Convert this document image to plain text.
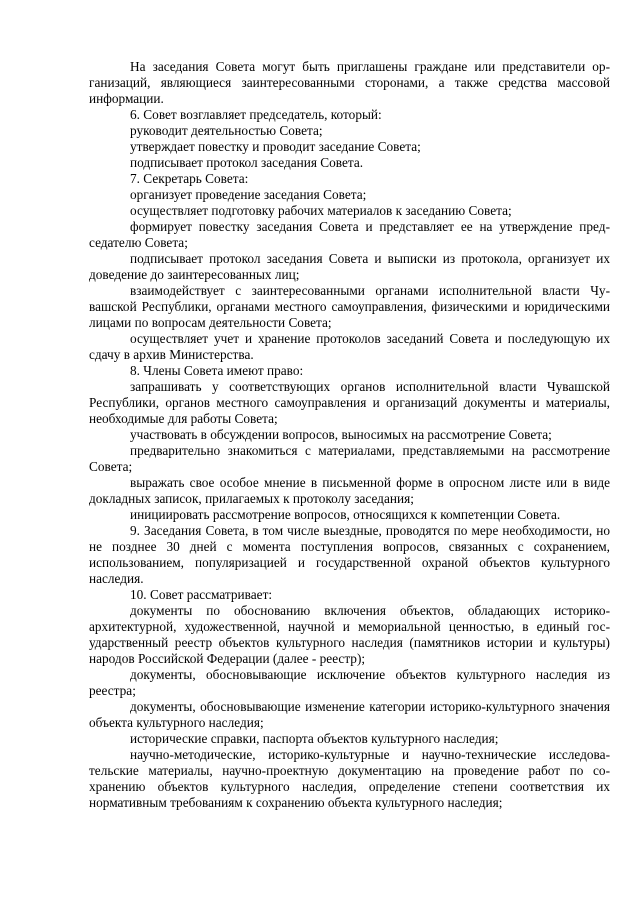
На заседания Совета могут быть приглашены граждане или представители организаций, являющиеся заинтересованными сторонами, а также средства массовой информации.

6. Совет возглавляет председатель, который:

руководит деятельностью Совета;

утверждает повестку и проводит заседание Совета;

подписывает протокол заседания Совета.

7. Секретарь Совета:

организует проведение заседания Совета;

осуществляет подготовку рабочих материалов к заседанию Совета;

формирует повестку заседания Совета и представляет ее на утверждение председателю Совета;

подписывает протокол заседания Совета и выписки из протокола, организует их доведение до заинтересованных лиц;

взаимодействует с заинтересованными органами исполнительной власти Чувашской Республики, органами местного самоуправления, физическими и юридическими лицами по вопросам деятельности Совета;

осуществляет учет и хранение протоколов заседаний Совета и последующую их сдачу в архив Министерства.

8. Члены Совета имеют право:

запрашивать у соответствующих органов исполнительной власти Чувашской Республики, органов местного самоуправления и организаций документы и материалы, необходимые для работы Совета;

участвовать в обсуждении вопросов, выносимых на рассмотрение Совета;

предварительно знакомиться с материалами, представляемыми на рассмотрение Совета;

выражать свое особое мнение в письменной форме в опросном листе или в виде докладных записок, прилагаемых к протоколу заседания;

инициировать рассмотрение вопросов, относящихся к компетенции Совета.

9. Заседания Совета, в том числе выездные, проводятся по мере необходимости, но не позднее 30 дней с момента поступления вопросов, связанных с сохранением, использованием, популяризацией и государственной охраной объектов культурного наследия.

10. Совет рассматривает:

документы по обоснованию включения объектов, обладающих историко-архитектурной, художественной, научной и мемориальной ценностью, в единый государственный реестр объектов культурного наследия (памятников истории и культуры) народов Российской Федерации (далее - реестр);

документы, обосновывающие исключение объектов культурного наследия из реестра;

документы, обосновывающие изменение категории историко-культурного значения объекта культурного наследия;

исторические справки, паспорта объектов культурного наследия;

научно-методические, историко-культурные и научно-технические исследовательские материалы, научно-проектную документацию на проведение работ по сохранению объектов культурного наследия, определение степени соответствия их нормативным требованиям к сохранению объекта культурного наследия;
